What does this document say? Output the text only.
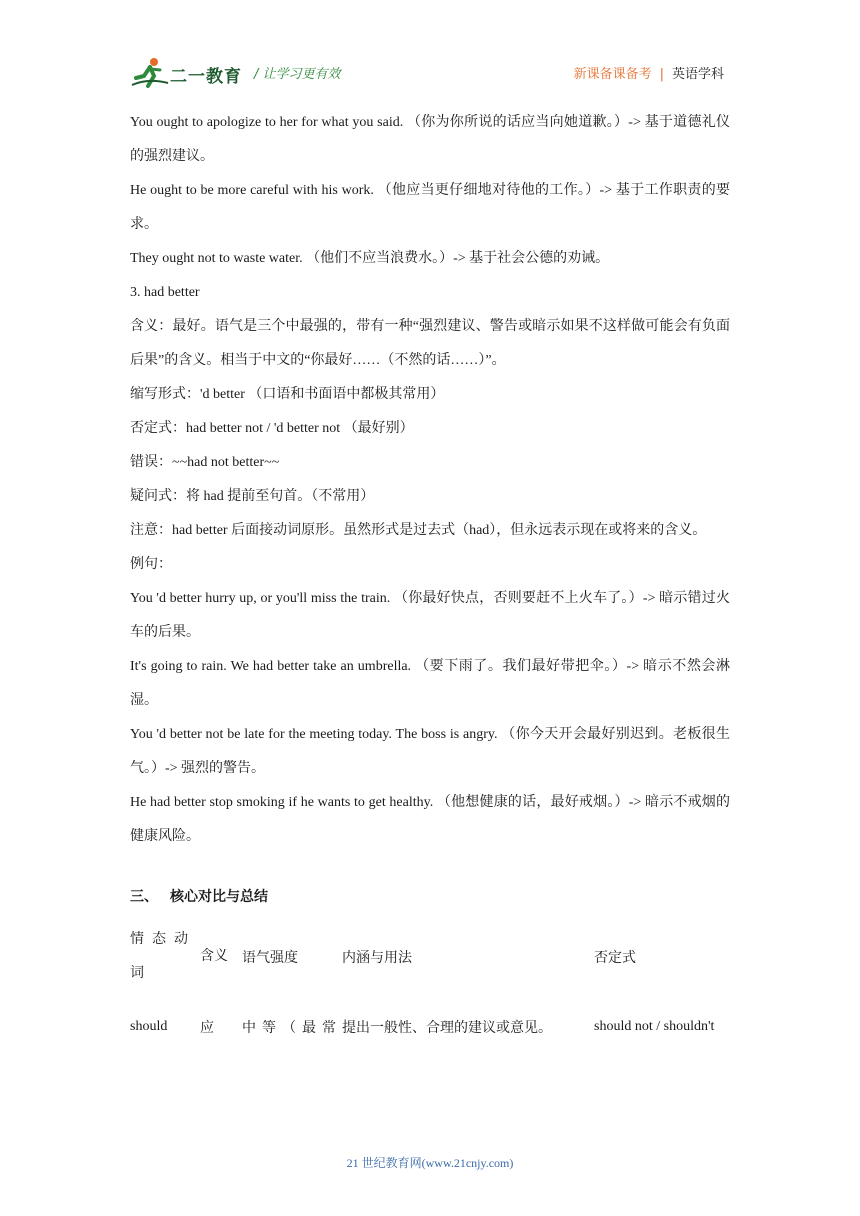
二一教育 / 让学习更有效	新课备课备考 | 英语学科

You ought to apologize to her for what you said. （你为你所说的话应当向她道歉。）-> 基于道德礼仪的强烈建议。

He ought to be more careful with his work. （他应当更仔细地对待他的工作。）-> 基于工作职责的要求。

They ought not to waste water. （他们不应当浪费水。）-> 基于社会公德的劝诫。

3. had better

含义：最好。语气是三个中最强的，带有一种“强烈建议、警告或暗示如果不这样做可能会有负面后果”的含义。相当于中文的“你最好……（不然的话……）”。

缩写形式：'d better （口语和书面语中都极其常用）

否定式：had better not / 'd better not （最好别）

错误：~~had not better~~

疑问式：将 had 提前至句首。（不常用）

注意：had better 后面接动词原形。虽然形式是过去式（had），但永远表示现在或将来的含义。

例句：

You 'd better hurry up, or you'll miss the train. （你最好快点，否则要赶不上火车了。）-> 暗示错过火车的后果。

It's going to rain. We had better take an umbrella. （要下雨了。我们最好带把伞。）-> 暗示不然会淋湿。

You 'd better not be late for the meeting today. The boss is angry. （你今天开会最好别迟到。老板很生气。）-> 强烈的警告。

He had better stop smoking if he wants to get healthy. （他想健康的话，最好戒烟。）-> 暗示不戒烟的健康风险。

三、 核心对比与总结
情态动词	含义	语气强度	内涵与用法	否定式
should	应	中等（最常	提出一般性、合理的建议或意见。	should not / shouldn't
21 世纪教育网(www.21cnjy.com)
